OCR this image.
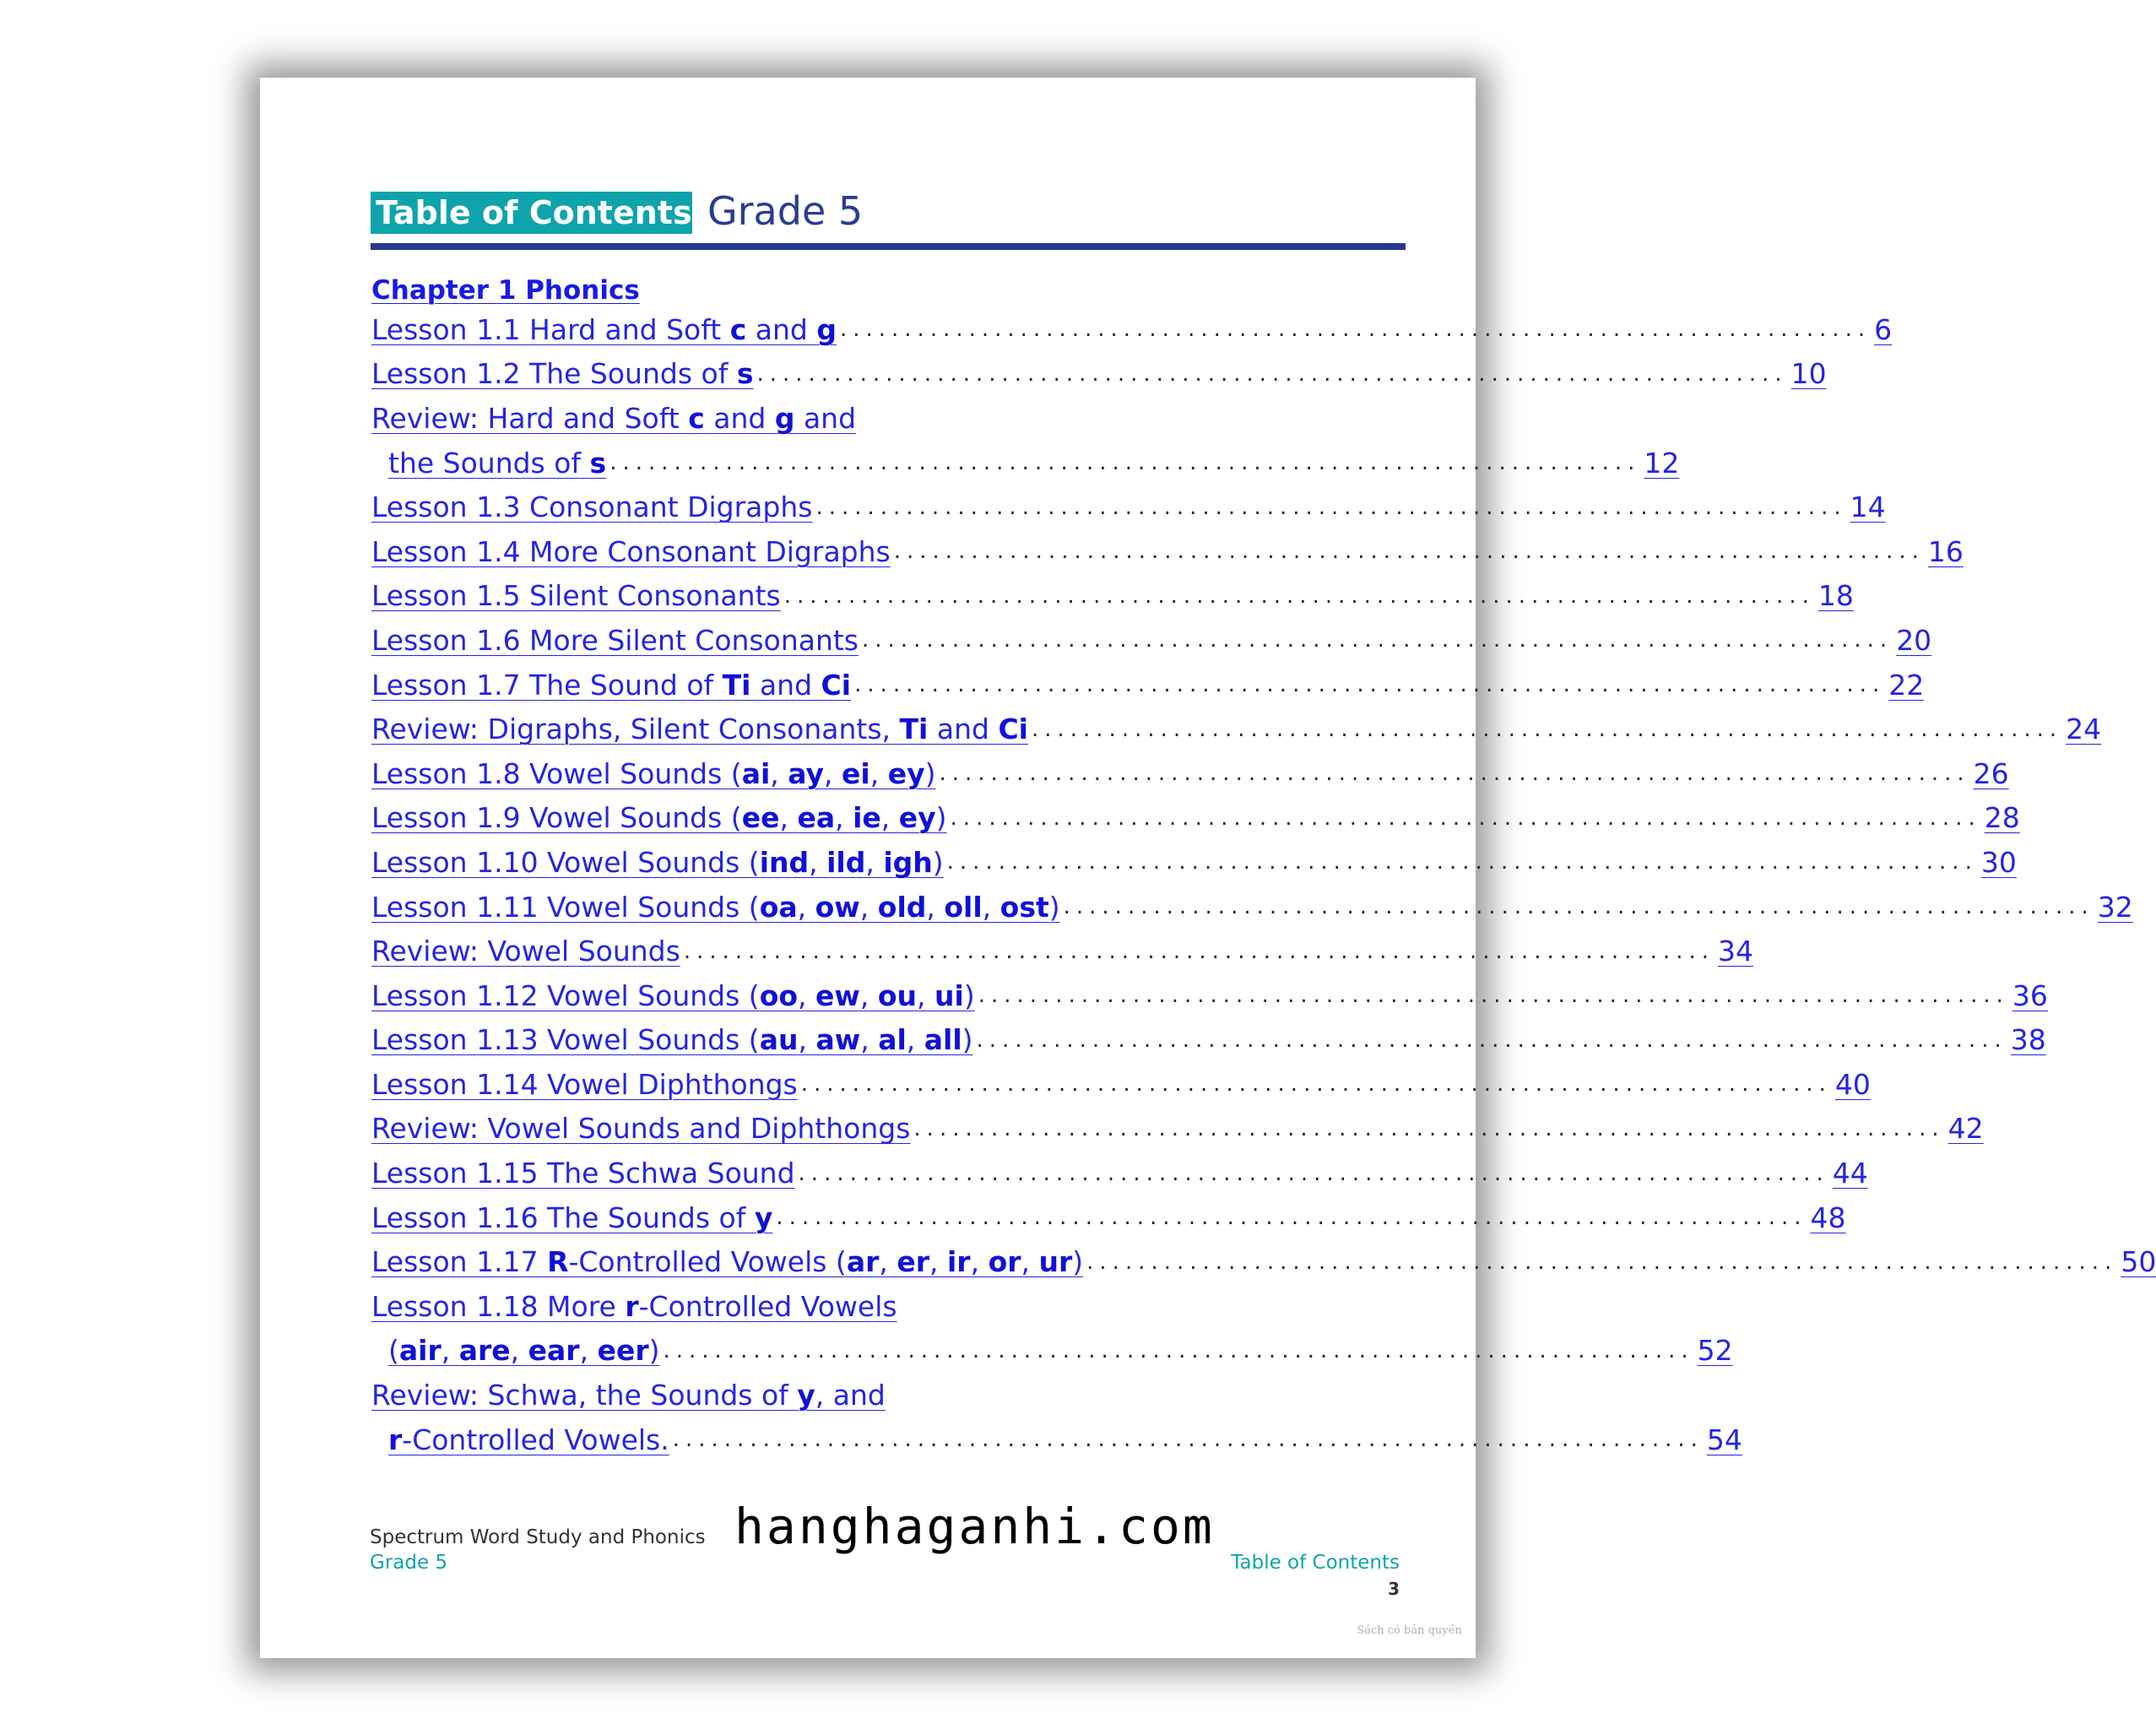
Table of Contents Grade 5
Chapter 1 Phonics
Lesson 1.1 Hard and Soft c and g ................................................................................ 6
Lesson 1.2 The Sounds of s ................................................................................ 10
Review: Hard and Soft c and g and
the Sounds of s ................................................................................ 12
Lesson 1.3 Consonant Digraphs ................................................................................ 14
Lesson 1.4 More Consonant Digraphs ................................................................................ 16
Lesson 1.5 Silent Consonants ................................................................................ 18
Lesson 1.6 More Silent Consonants ................................................................................ 20
Lesson 1.7 The Sound of Ti and Ci ................................................................................ 22
Review: Digraphs, Silent Consonants, Ti and Ci ................................................................................ 24
Lesson 1.8 Vowel Sounds (ai, ay, ei, ey) ................................................................................ 26
Lesson 1.9 Vowel Sounds (ee, ea, ie, ey) ................................................................................ 28
Lesson 1.10 Vowel Sounds (ind, ild, igh) ................................................................................ 30
Lesson 1.11 Vowel Sounds (oa, ow, old, oll, ost) ................................................................................ 32
Review: Vowel Sounds ................................................................................ 34
Lesson 1.12 Vowel Sounds (oo, ew, ou, ui) ................................................................................ 36
Lesson 1.13 Vowel Sounds (au, aw, al, all) ................................................................................ 38
Lesson 1.14 Vowel Diphthongs ................................................................................ 40
Review: Vowel Sounds and Diphthongs ................................................................................ 42
Lesson 1.15 The Schwa Sound ................................................................................ 44
Lesson 1.16 The Sounds of y ................................................................................ 48
Lesson 1.17 R-Controlled Vowels (ar, er, ir, or, ur) ................................................................................ 50
Lesson 1.18 More r-Controlled Vowels
(air, are, ear, eer) ................................................................................ 52
Review: Schwa, the Sounds of y, and
r-Controlled Vowels. ................................................................................ 54
Spectrum Word Study and Phonics
Grade 5	Table of Contents
3
Sách có bản quyền
hanghaganhi.com
